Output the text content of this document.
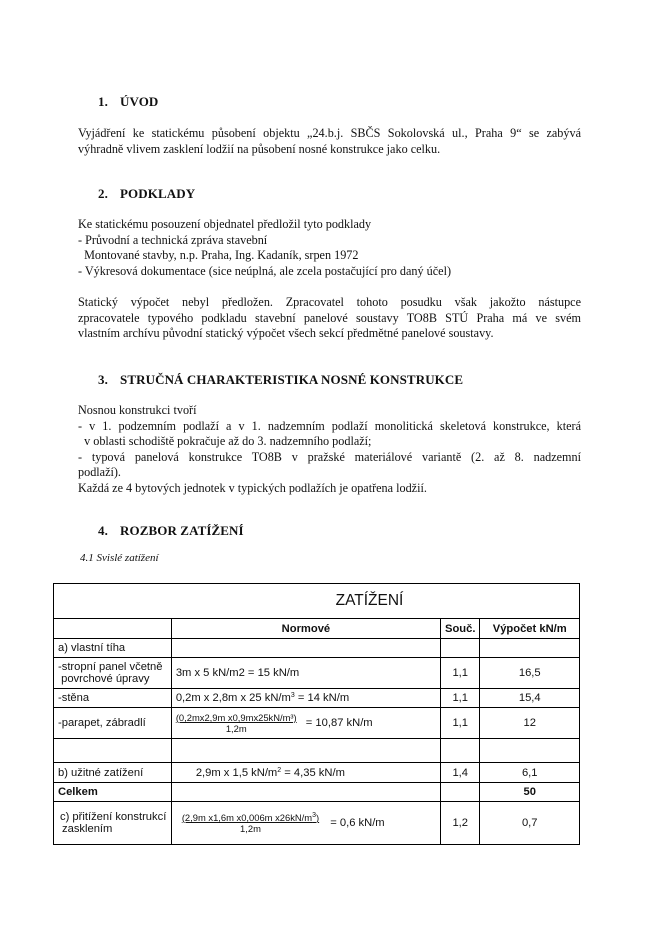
1. ÚVOD
Vyjádření ke statickému působení objektu „24.b.j. SBČS Sokolovská ul., Praha 9“ se zabývá
výhradně vlivem zasklení lodžií na působení nosné konstrukce jako celku.
2. PODKLADY
Ke statickému posouzení objednatel předložil tyto podklady
- Průvodní a technická zpráva stavební
Montované stavby, n.p. Praha, Ing. Kadaník, srpen 1972
- Výkresová dokumentace (sice neúplná, ale zcela postačující pro daný účel)
Statický výpočet nebyl předložen. Zpracovatel tohoto posudku však jakožto nástupce
zpracovatele typového podkladu stavební panelové soustavy TO8B STÚ Praha má ve svém
vlastním archívu původní statický výpočet všech sekcí předmětné panelové soustavy.
3. STRUČNÁ CHARAKTERISTIKA NOSNÉ KONSTRUKCE
Nosnou konstrukci tvoří
- v 1. podzemním podlaží a v 1. nadzemním podlaží monolitická skeletová konstrukce, která
v oblasti schodiště pokračuje až do 3. nadzemního podlaží;
- typová panelová konstrukce TO8B v pražské materiálové variantě (2. až 8. nadzemní
podlaží).
Každá ze 4 bytových jednotek v typických podlažích je opatřena lodžií.
4. ROZBOR ZATÍŽENÍ
4.1 Svislé zatížení
ZATÍŽENÍ			
	Normové	Souč.	Výpočet kN/m
a) vlastní tíha			
-stropní panel včetně
povrchové úpravy	3m x 5 kN/m2 = 15 kN/m	1,1	16,5
-stěna	0,2m x 2,8m x 25 $kN/m^3 = 14$ kN/m	1,1	15,4
-parapet, zábradlí	$\frac{\text{(0,2mx2,9m x0,9mx25kN/m³)}}{1,2m} = 10,87$ kN/m	1,1	12

b) užitné zatížení	2,9m x 1,5 $kN/m^2 = 4,35$ kN/m	1,4	6,1
Celkem			50
c) přitížení konstrukcí
zasklením	$\frac{(2,9m x1,6m x0,006m x26kN/m^3)}{1,2m} = 0,6$ kN/m	1,2	0,7
